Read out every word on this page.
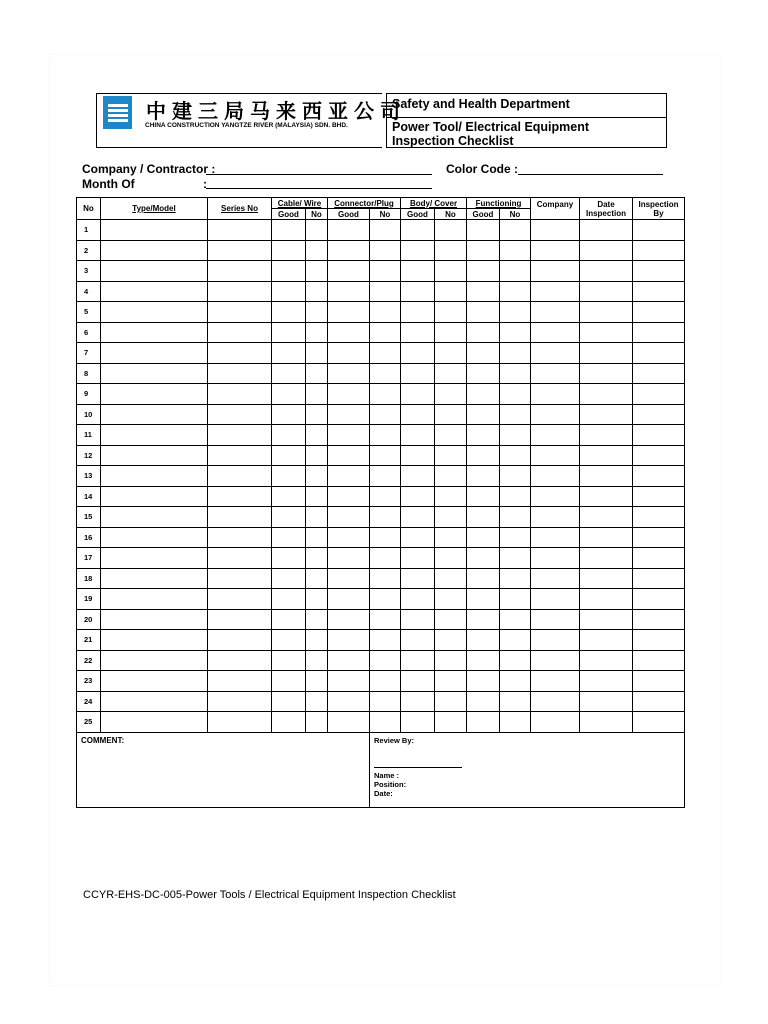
中建三局马来西亚公司
CHINA CONSTRUCTION YANGTZE RIVER (MALAYSIA) SDN. BHD.
Safety and Health Department
Power Tool/ Electrical Equipment Inspection Checklist
Company / Contractor :
Month Of	:
Color Code :
No	Type/Model	Series No	Cable/ Wire		Connector/Plug		Body/ Cover		Functioning		Company	Date Inspection	Inspection By
			Good	No	Good	No	Good	No	Good	No			
1													
2													
3													
4													
5													
6													
7													
8													
9													
10													
11													
12													
13													
14													
15													
16													
17													
18													
19													
20													
21													
22													
23													
24													
25													
COMMENT:						Review By:
Name :
Position:
Date:							
CCYR-EHS-DC-005-Power Tools / Electrical Equipment Inspection Checklist
